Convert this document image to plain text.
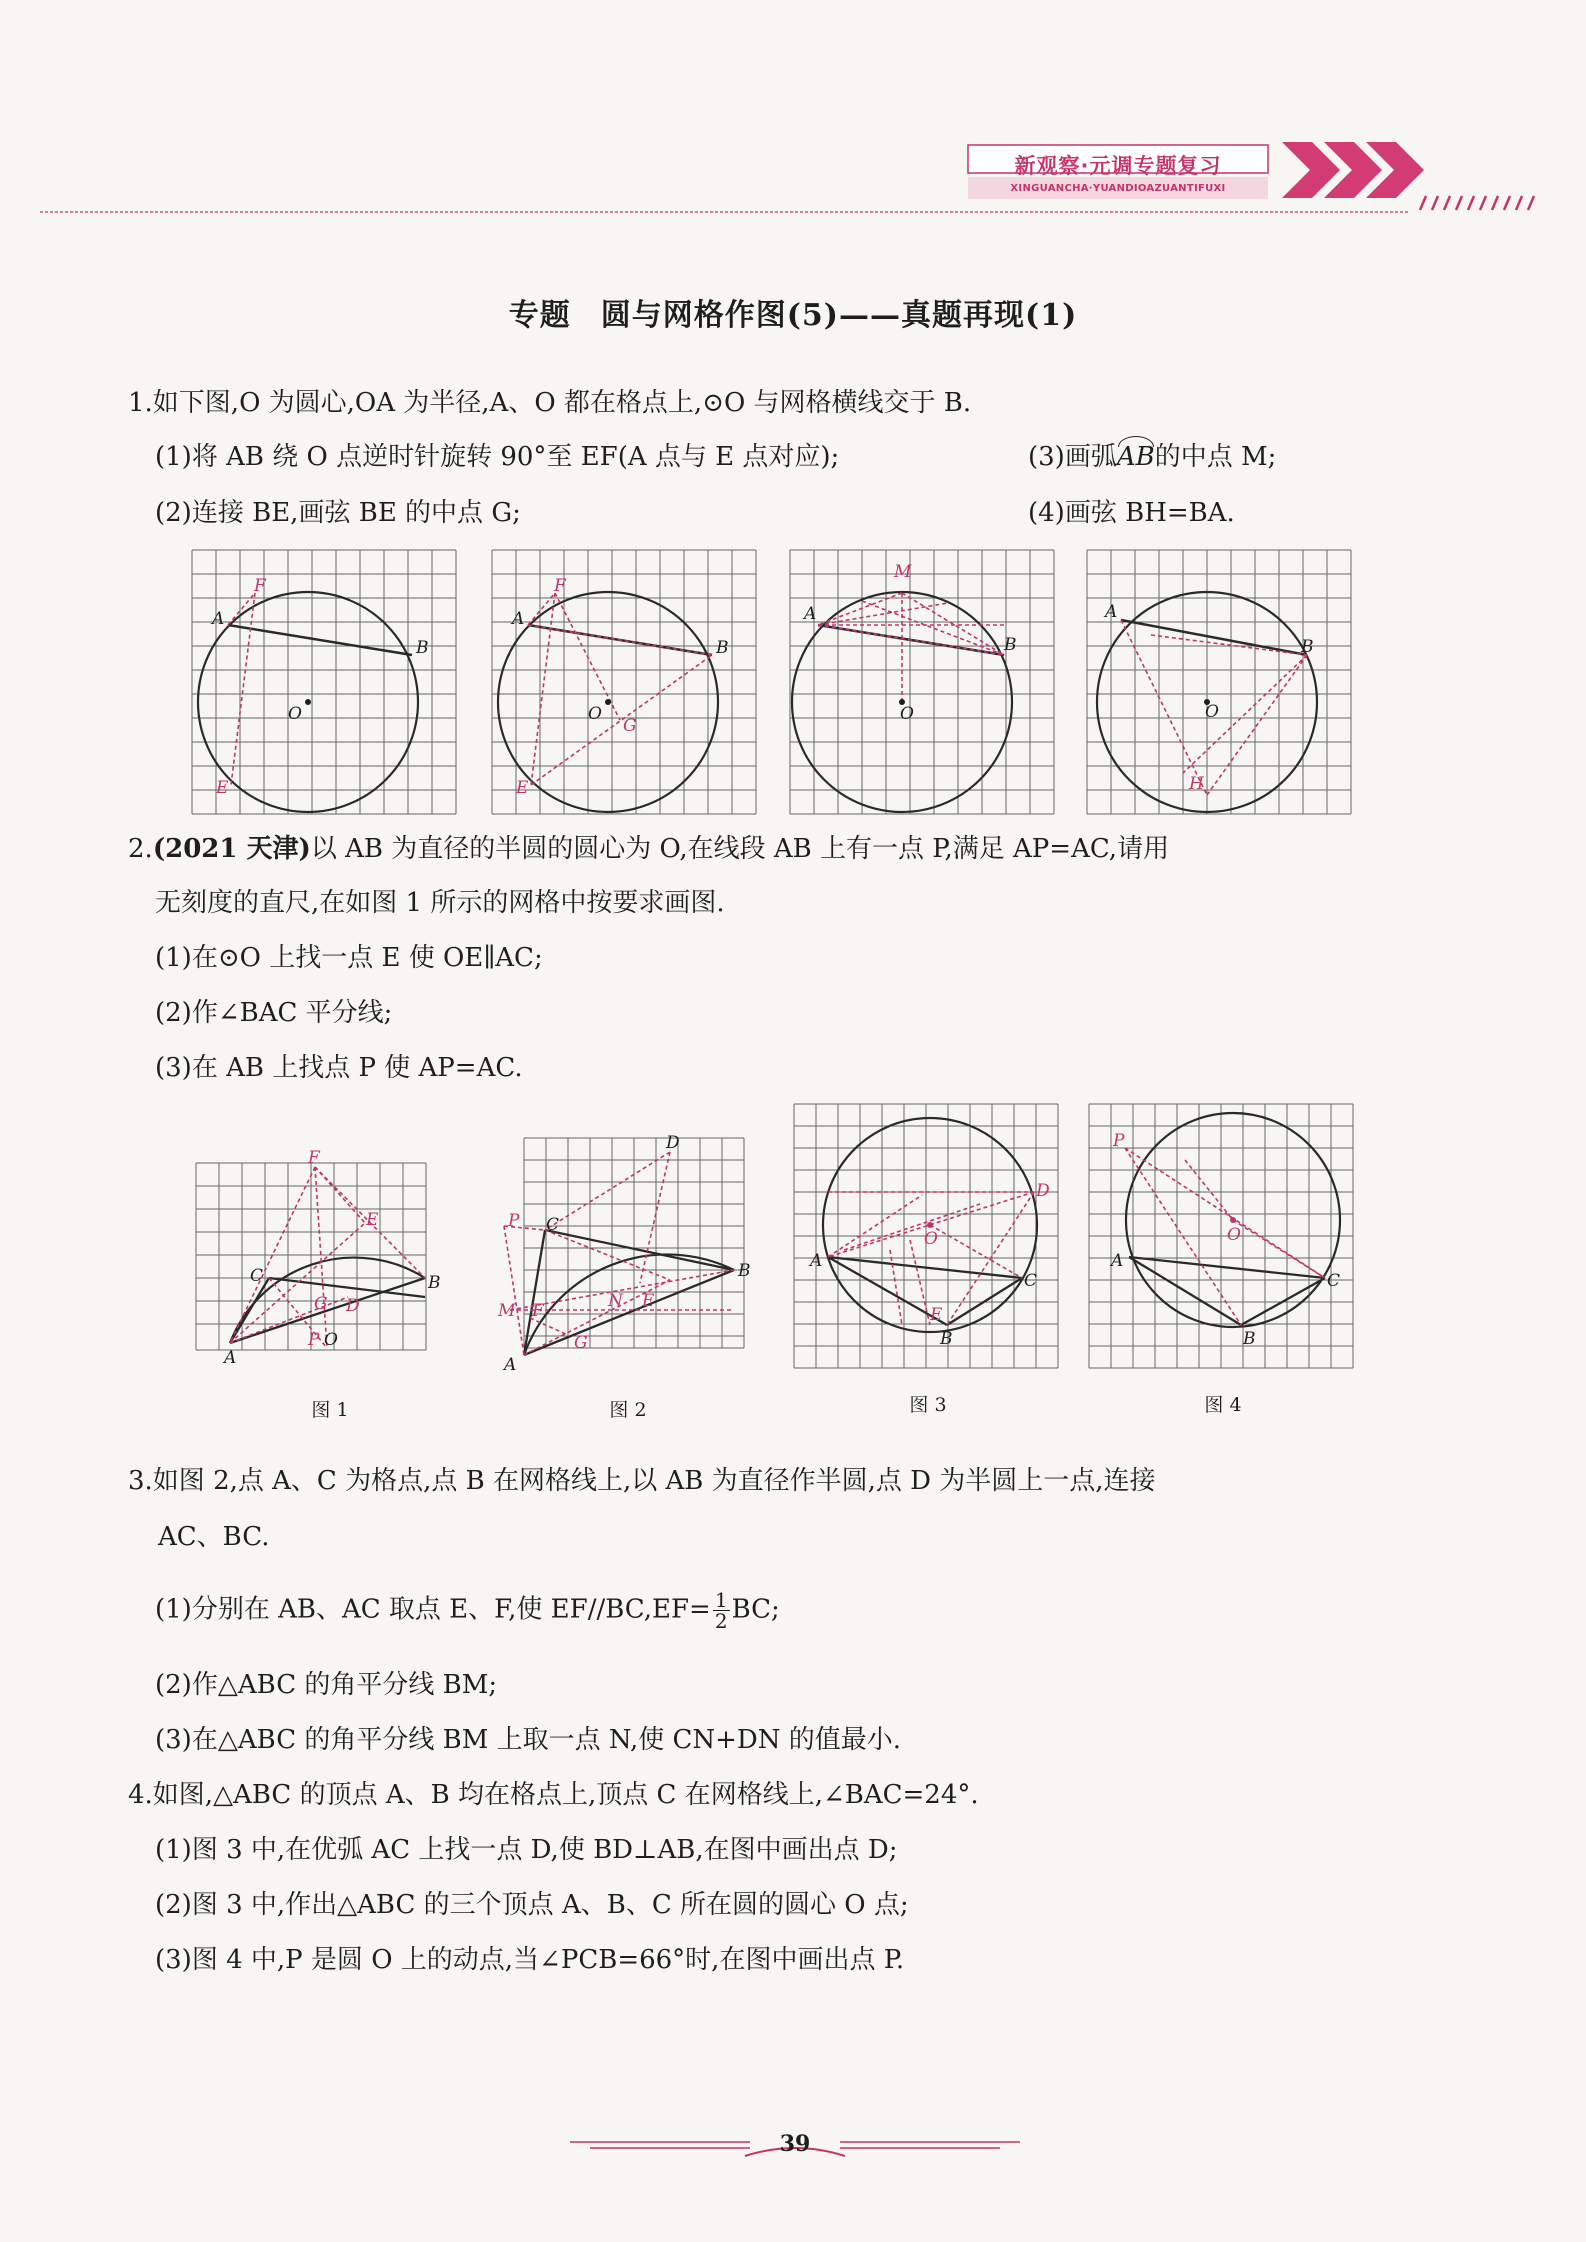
新观察·元调专题复习
XINGUANCHA·YUANDIOAZUANTIFUXI
专题 圆与网格作图(5)——真题再现(1)
1.如下图,O 为圆心,OA 为半径,A、O 都在格点上,⊙O 与网格横线交于 B.
(1)将 AB 绕 O 点逆时针旋转 90°至 EF(A 点与 E 点对应);	(3)画弧AB的中点 M;
(2)连接 BE,画弦 BE 的中点 G;	(4)画弦 BH=BA.
A
B
O
F
E
A
B
O
F
E
G
A
B
O
M
A
B
O
H
2.(2021 天津)以 AB 为直径的半圆的圆心为 O,在线段 AB 上有一点 P,满足 AP=AC,请用
无刻度的直尺,在如图 1 所示的网格中按要求画图.
(1)在⊙O 上找一点 E 使 OE∥AC;
(2)作∠BAC 平分线;
(3)在 AB 上找点 P 使 AP=AC.
A
B
C
F
E
G D
P O
A
B
C
D
P
M F	N E
G
A
B
C
D
O
E
A
B
C
P
O
图 1	图 2	图 3	图 4
3.如图 2,点 A、C 为格点,点 B 在网格线上,以 AB 为直径作半圆,点 D 为半圆上一点,连接
AC、BC.
(1)分别在 AB、AC 取点 E、F,使 $EF//BC,EF= \frac{1}{2}$ BC;
(2)作△ABC 的角平分线 BM;
(3)在△ABC 的角平分线 BM 上取一点 N,使 CN+DN 的值最小.
4.如图,△ABC 的顶点 A、B 均在格点上,顶点 C 在网格线上,∠BAC=24°.
(1)图 3 中,在优弧 AC 上找一点 D,使 BD⊥AB,在图中画出点 D;
(2)图 3 中,作出△ABC 的三个顶点 A、B、C 所在圆的圆心 O 点;
(3)图 4 中,P 是圆 O 上的动点,当∠PCB=66°时,在图中画出点 P.
39
